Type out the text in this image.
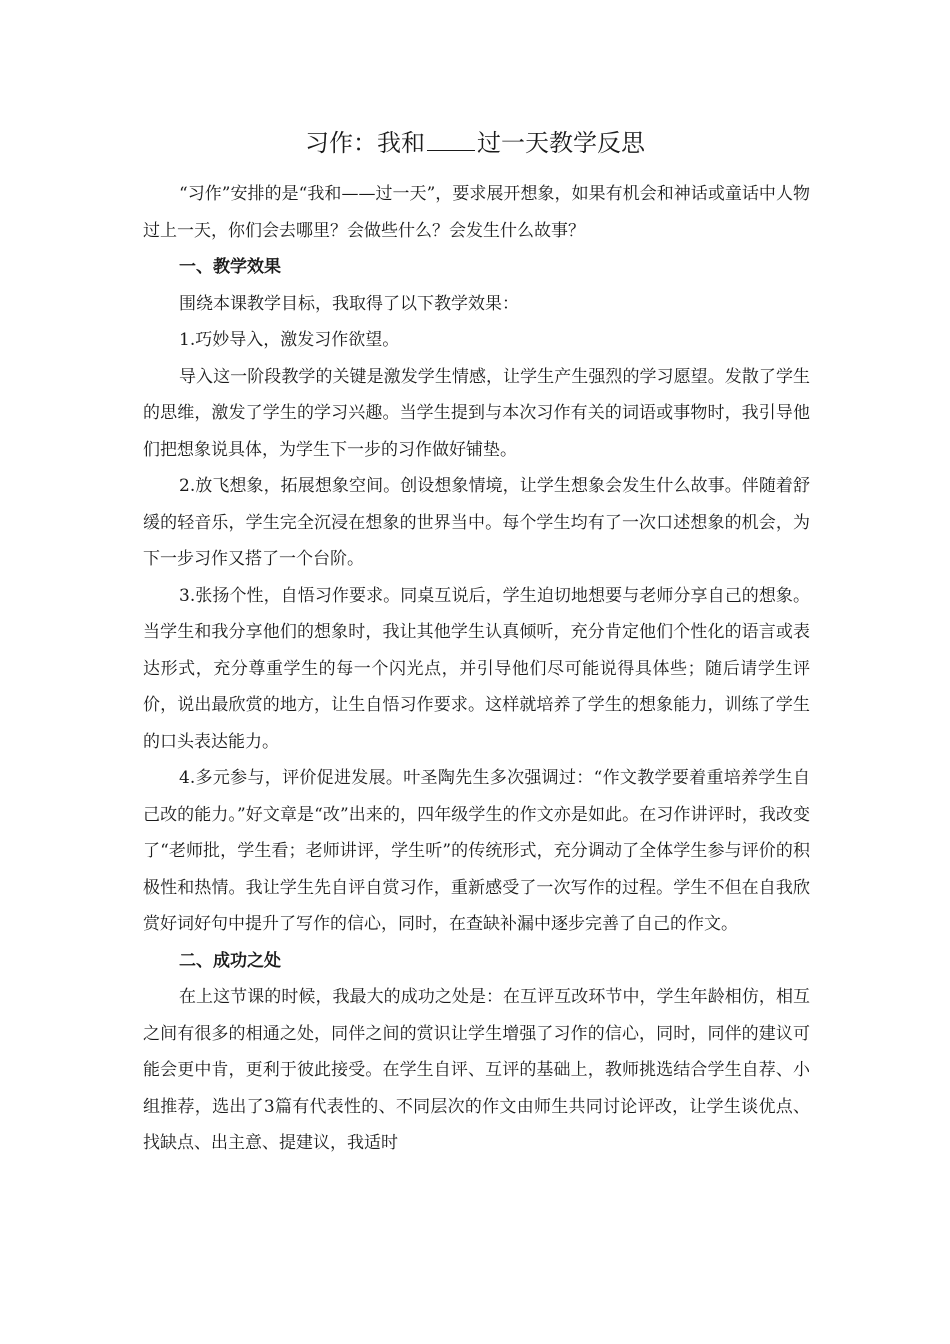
习作：我和 过一天教学反思

“习作”安排的是“我和——过一天”，要求展开想象，如果有机会和神话或童话中人物过上一天，你们会去哪里？会做些什么？会发生什么故事？

一、教学效果

围绕本课教学目标，我取得了以下教学效果：

1.巧妙导入，激发习作欲望。

导入这一阶段教学的关键是激发学生情感，让学生产生强烈的学习愿望。发散了学生的思维，激发了学生的学习兴趣。当学生提到与本次习作有关的词语或事物时，我引导他们把想象说具体，为学生下一步的习作做好铺垫。

2.放飞想象，拓展想象空间。创设想象情境，让学生想象会发生什么故事。伴随着舒缓的轻音乐，学生完全沉浸在想象的世界当中。每个学生均有了一次口述想象的机会，为下一步习作又搭了一个台阶。

3.张扬个性，自悟习作要求。同桌互说后，学生迫切地想要与老师分享自己的想象。当学生和我分享他们的想象时，我让其他学生认真倾听，充分肯定他们个性化的语言或表达形式，充分尊重学生的每一个闪光点，并引导他们尽可能说得具体些；随后请学生评价，说出最欣赏的地方，让生自悟习作要求。这样就培养了学生的想象能力，训练了学生的口头表达能力。

4.多元参与，评价促进发展。叶圣陶先生多次强调过：“作文教学要着重培养学生自己改的能力。”好文章是“改”出来的，四年级学生的作文亦是如此。在习作讲评时，我改变了“老师批，学生看；老师讲评，学生听”的传统形式，充分调动了全体学生参与评价的积极性和热情。我让学生先自评自赏习作，重新感受了一次写作的过程。学生不但在自我欣赏好词好句中提升了写作的信心，同时，在查缺补漏中逐步完善了自己的作文。

二、成功之处

在上这节课的时候，我最大的成功之处是：在互评互改环节中，学生年龄相仿，相互之间有很多的相通之处，同伴之间的赏识让学生增强了习作的信心，同时，同伴的建议可能会更中肯，更利于彼此接受。在学生自评、互评的基础上，教师挑选结合学生自荐、小组推荐，选出了3篇有代表性的、不同层次的作文由师生共同讨论评改，让学生谈优点、找缺点、出主意、提建议，我适时
